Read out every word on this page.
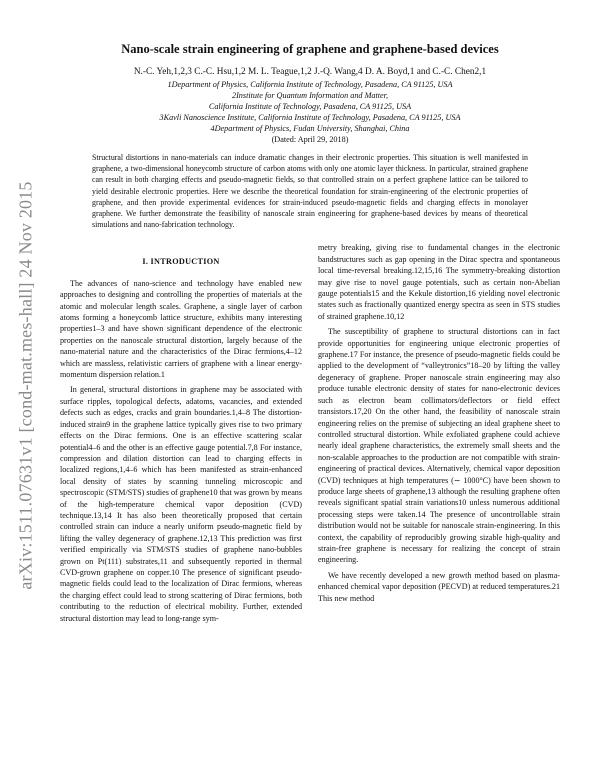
arXiv:1511.07631v1 [cond-mat.mes-hall] 24 Nov 2015
Nano-scale strain engineering of graphene and graphene-based devices
N.-C. Yeh,1,2,3 C.-C. Hsu,1,2 M. L. Teague,1,2 J.-Q. Wang,4 D. A. Boyd,1 and C.-C. Chen2,1
1Department of Physics, California Institute of Technology, Pasadena, CA 91125, USA
2Institute for Quantum Information and Matter,
California Institute of Technology, Pasadena, CA 91125, USA
3Kavli Nanoscience Institute, California Institute of Technology, Pasadena, CA 91125, USA
4Department of Physics, Fudan University, Shanghai, China
(Dated: April 29, 2018)
Structural distortions in nano-materials can induce dramatic changes in their electronic properties. This situation is well manifested in graphene, a two-dimensional honeycomb structure of carbon atoms with only one atomic layer thickness. In particular, strained graphene can result in both charging effects and pseudo-magnetic fields, so that controlled strain on a perfect graphene lattice can be tailored to yield desirable electronic properties. Here we describe the theoretical foundation for strain-engineering of the electronic properties of graphene, and then provide experimental evidences for strain-induced pseudo-magnetic fields and charging effects in monolayer graphene. We further demonstrate the feasibility of nanoscale strain engineering for graphene-based devices by means of theoretical simulations and nano-fabrication technology.
I. INTRODUCTION

The advances of nano-science and technology have enabled new approaches to designing and controlling the properties of materials at the atomic and molecular length scales. Graphene, a single layer of carbon atoms forming a honeycomb lattice structure, exhibits many interesting properties1–3 and have shown significant dependence of the electronic properties on the nanoscale structural distortion, largely because of the nano-material nature and the characteristics of the Dirac fermions,4–12 which are massless, relativistic carriers of graphene with a linear energy-momentum dispersion relation.1

In general, structural distortions in graphene may be associated with surface ripples, topological defects, adatoms, vacancies, and extended defects such as edges, cracks and grain boundaries.1,4–8 The distortion-induced strain9 in the graphene lattice typically gives rise to two primary effects on the Dirac fermions. One is an effective scattering scalar potential4–6 and the other is an effective gauge potential.7,8 For instance, compression and dilation distortion can lead to charging effects in localized regions,1,4–6 which has been manifested as strain-enhanced local density of states by scanning tunneling microscopic and spectroscopic (STM/STS) studies of graphene10 that was grown by means of the high-temperature chemical vapor deposition (CVD) technique.13,14 It has also been theoretically proposed that certain controlled strain can induce a nearly uniform pseudo-magnetic field by lifting the valley degeneracy of graphene.12,13 This prediction was first verified empirically via STM/STS studies of graphene nano-bubbles grown on Pt(111) substrates,11 and subsequently reported in thermal CVD-grown graphene on copper.10 The presence of significant pseudo-magnetic fields could lead to the localization of Dirac fermions, whereas the charging effect could lead to strong scattering of Dirac fermions, both contributing to the reduction of electrical mobility. Further, extended structural distortion may lead to long-range sym-

metry breaking, giving rise to fundamental changes in the electronic bandstructures such as gap opening in the Dirac spectra and spontaneous local time-reversal breaking.12,15,16 The symmetry-breaking distortion may give rise to novel gauge potentials, such as certain non-Abelian gauge potentials15 and the Kekule distortion,16 yielding novel electronic states such as fractionally quantized energy spectra as seen in STS studies of strained graphene.10,12

The susceptibility of graphene to structural distortions can in fact provide opportunities for engineering unique electronic properties of graphene.17 For instance, the presence of pseudo-magnetic fields could be applied to the development of “valleytronics”18–20 by lifting the valley degeneracy of graphene. Proper nanoscale strain engineering may also produce tunable electronic density of states for nano-electronic devices such as electron beam collimators/deflectors or field effect transistors.17,20 On the other hand, the feasibility of nanoscale strain engineering relies on the premise of subjecting an ideal graphene sheet to controlled structural distortion. While exfoliated graphene could achieve nearly ideal graphene characteristics, the extremely small sheets and the non-scalable approaches to the production are not compatible with strain-engineering of practical devices. Alternatively, chemical vapor deposition (CVD) techniques at high temperatures (∼ 1000°C) have been shown to produce large sheets of graphene,13 although the resulting graphene often reveals significant spatial strain variations10 unless numerous additional processing steps were taken.14 The presence of uncontrollable strain distribution would not be suitable for nanoscale strain-engineering. In this context, the capability of reproducibly growing sizable high-quality and strain-free graphene is necessary for realizing the concept of strain engineering.

We have recently developed a new growth method based on plasma-enhanced chemical vapor deposition (PECVD) at reduced temperatures.21 This new method
